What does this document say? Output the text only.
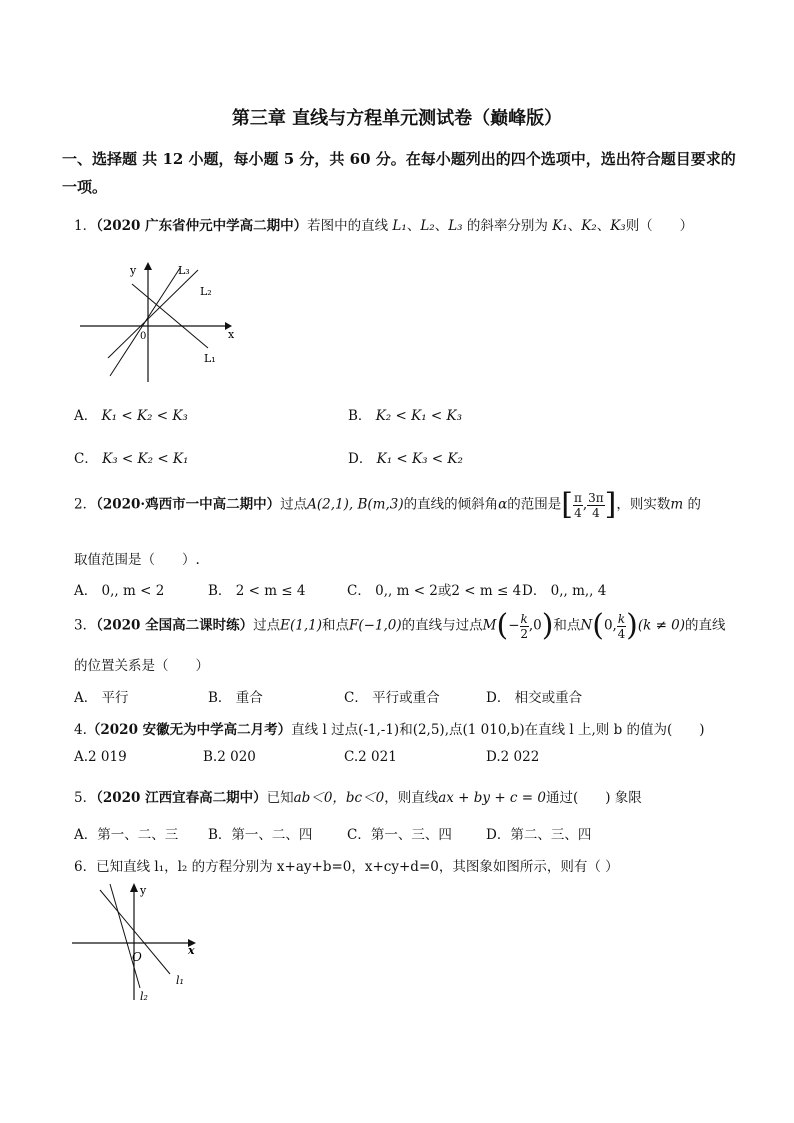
第三章 直线与方程单元测试卷（巅峰版）
一、选择题 共 12 小题，每小题 5 分，共 60 分。在每小题列出的四个选项中，选出符合题目要求的一项。
1．（2020 广东省仲元中学高二期中）若图中的直线 L₁、L₂、L₃ 的斜率分别为 K₁、K₂、K₃则（　　）
y
x
0
L₃
L₂
L₁
A． K₁ < K₂ < K₃	B． K₂ < K₁ < K₃
C． K₃ < K₂ < K₁	D． K₁ < K₃ < K₂
2．（2020·鸡西市一中高二期中）过点A(2,1), B(m,3)的直线的倾斜角α的范围是[ $\frac{\pi}{4}$ , $\frac{3\pi}{4}$ ]，则实数m 的
取值范围是（　　）.
A． 0,, m < 2	B． 2 < m ≤ 4	C． 0,, m < 2或2 < m ≤ 4 D． 0,, m,, 4
3．（2020 全国高二课时练）过点E(1,1)和点F(−1,0)的直线与过点$M(- \frac{k}{2} ,0)$和点N(0, $\frac{k}{4} )(k \ne 0)$的直线
的位置关系是（　　）
A． 平行	B． 重合	C． 平行或重合	D． 相交或重合
4.（2020 安徽无为中学高二月考）直线 l 过点(-1,-1)和(2,5),点(1 010,b)在直线 l 上,则 b 的值为(　　)
A.2 019	B.2 020	C.2 021	D.2 022
5．（2020 江西宜春高二期中）已知ab＜0，bc＜0，则直线ax + by + c = 0通过(　　) 象限
A．第一、二、三 B．第一、二、四	C．第一、三、四	D．第二、三、四
6．已知直线 l₁，l₂ 的方程分别为 x+ay+b=0，x+cy+d=0，其图象如图所示，则有（ ）
y
x
O
l₁
l₂
